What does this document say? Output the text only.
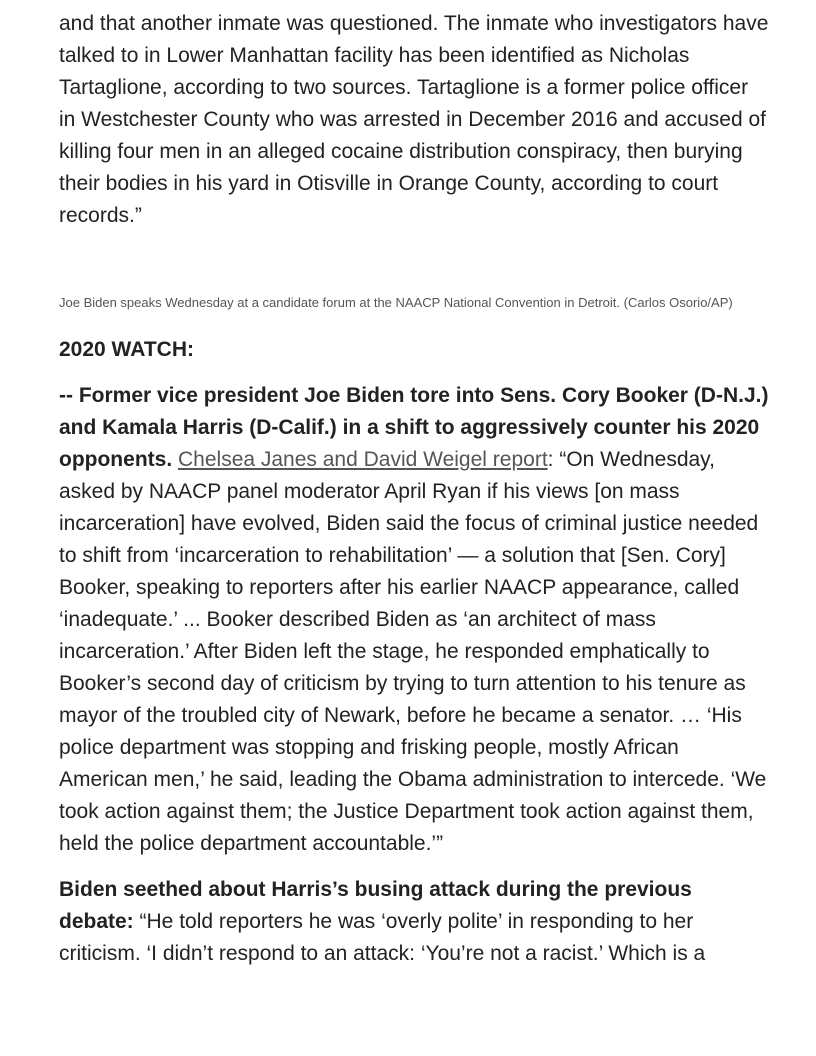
and that another inmate was questioned. The inmate who investigators have talked to in Lower Manhattan facility has been identified as Nicholas Tartaglione, according to two sources. Tartaglione is a former police officer in Westchester County who was arrested in December 2016 and accused of killing four men in an alleged cocaine distribution conspiracy, then burying their bodies in his yard in Otisville in Orange County, according to court records.”

Joe Biden speaks Wednesday at a candidate forum at the NAACP National Convention in Detroit. (Carlos Osorio/AP)

2020 WATCH:

-- Former vice president Joe Biden tore into Sens. Cory Booker (D-N.J.) and Kamala Harris (D-Calif.) in a shift to aggressively counter his 2020 opponents. Chelsea Janes and David Weigel report: “On Wednesday, asked by NAACP panel moderator April Ryan if his views [on mass incarceration] have evolved, Biden said the focus of criminal justice needed to shift from ‘incarceration to rehabilitation’ — a solution that [Sen. Cory] Booker, speaking to reporters after his earlier NAACP appearance, called ‘inadequate.’ ... Booker described Biden as ‘an architect of mass incarceration.’ After Biden left the stage, he responded emphatically to Booker’s second day of criticism by trying to turn attention to his tenure as mayor of the troubled city of Newark, before he became a senator. … ‘His police department was stopping and frisking people, mostly African American men,’ he said, leading the Obama administration to intercede. ‘We took action against them; the Justice Department took action against them, held the police department accountable.’”

Biden seethed about Harris’s busing attack during the previous debate: “He told reporters he was ‘overly polite’ in responding to her criticism. ‘I didn’t respond to an attack: ‘You’re not a racist.’ Which is a
